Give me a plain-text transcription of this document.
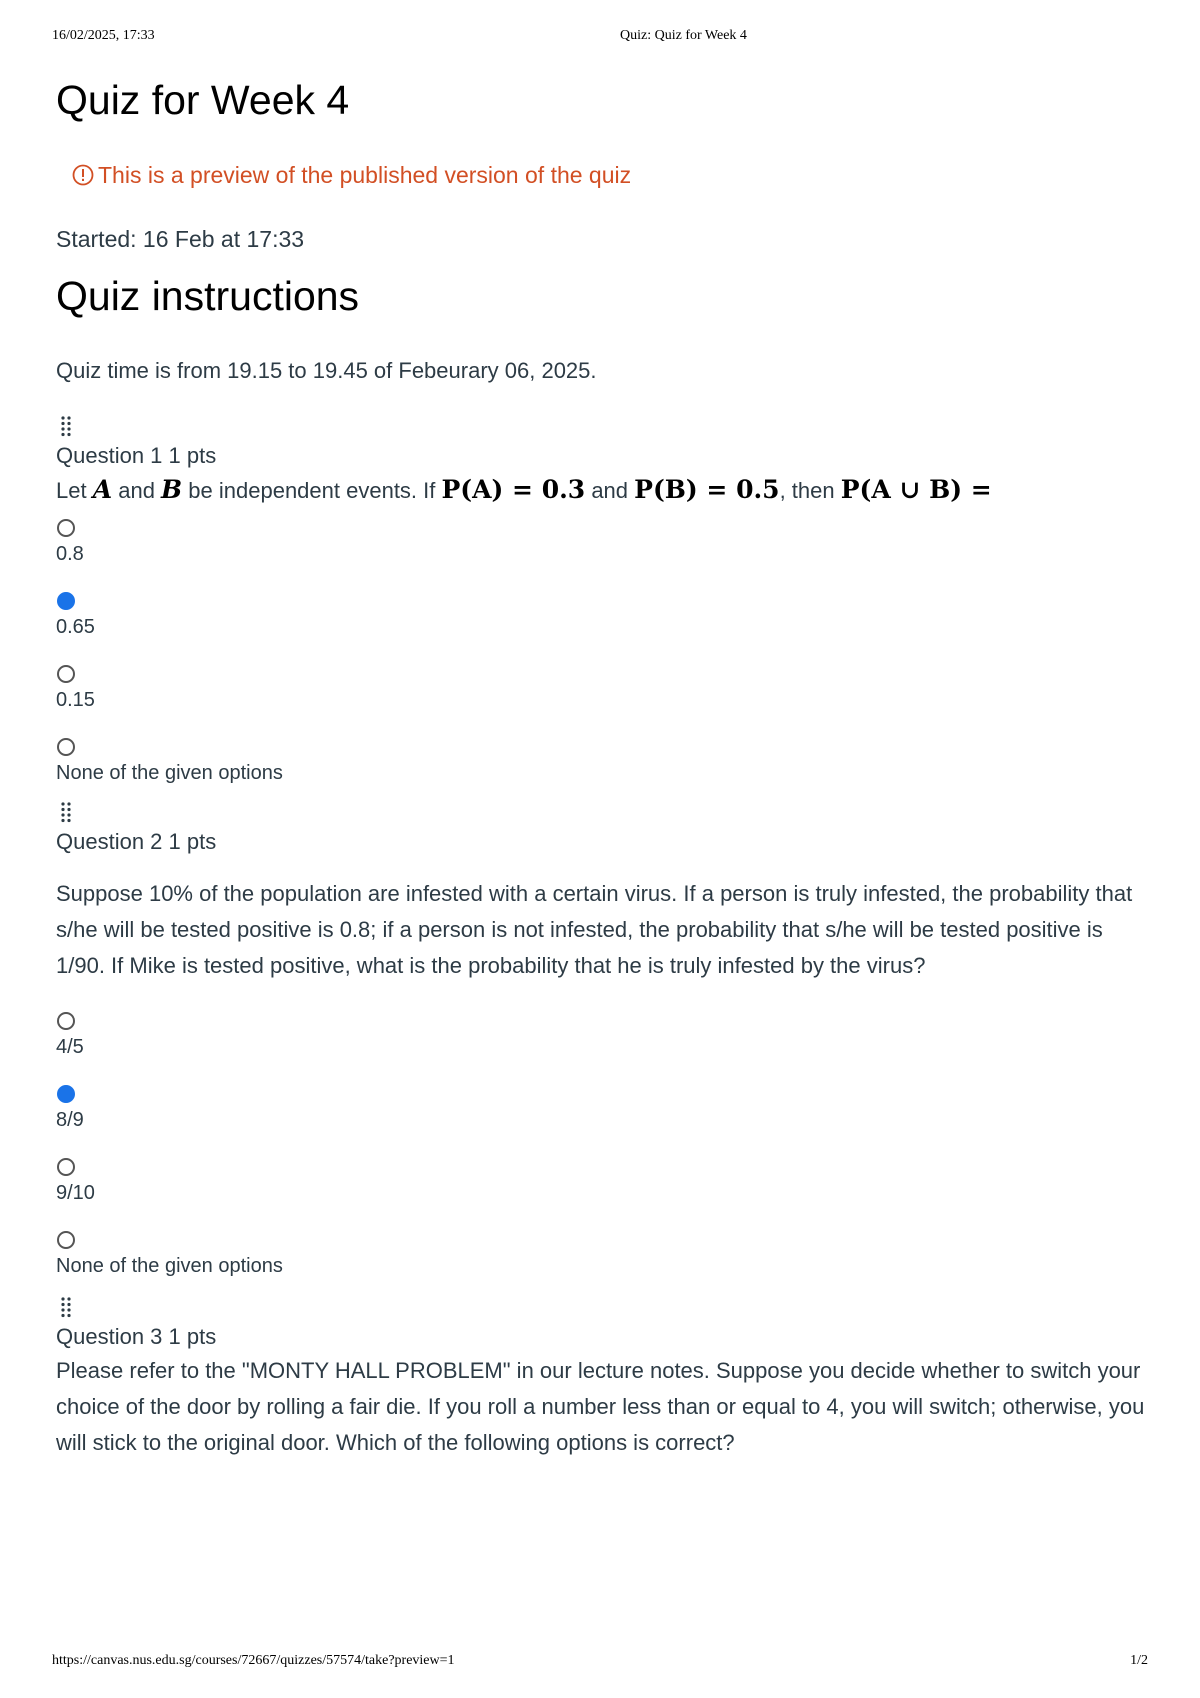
16/02/2025, 17:33	Quiz: Quiz for Week 4
Quiz for Week 4
This is a preview of the published version of the quiz
Started: 16 Feb at 17:33
Quiz instructions
Quiz time is from 19.15 to 19.45 of Febeurary 06, 2025.
Question 1 1 pts
Let A and B be independent events. If P(A) = 0.3 and P(B) = 0.5, then P(A ∪ B) =
0.8
0.65
0.15
None of the given options
Question 2 1 pts
Suppose 10% of the population are infested with a certain virus. If a person is truly infested, the probability that s/he will be tested positive is 0.8; if a person is not infested, the probability that s/he will be tested positive is 1/90. If Mike is tested positive, what is the probability that he is truly infested by the virus?
4/5
8/9
9/10
None of the given options
Question 3 1 pts
Please refer to the "MONTY HALL PROBLEM" in our lecture notes. Suppose you decide whether to switch your choice of the door by rolling a fair die. If you roll a number less than or equal to 4, you will switch; otherwise, you will stick to the original door. Which of the following options is correct?
https://canvas.nus.edu.sg/courses/72667/quizzes/57574/take?preview=1	1/2
